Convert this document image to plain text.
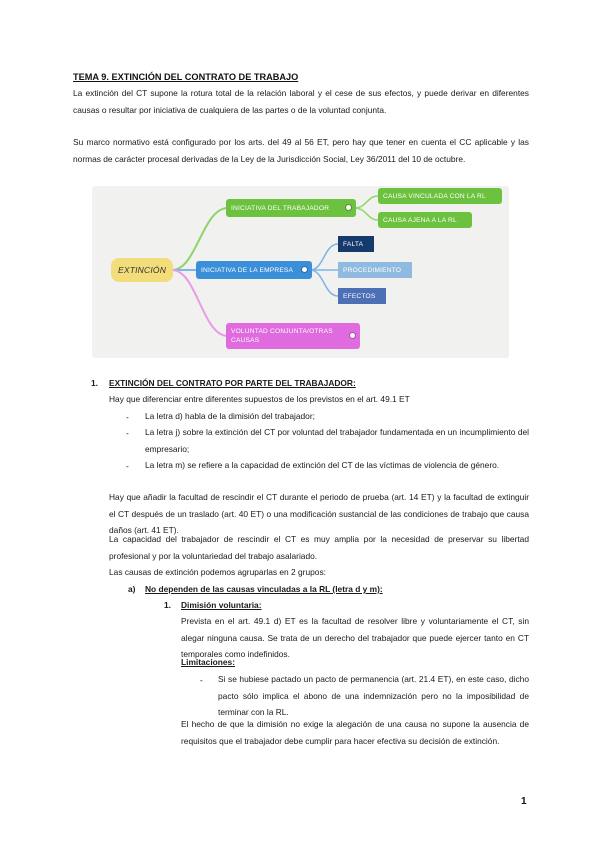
TEMA 9. EXTINCIÓN DEL CONTRATO DE TRABAJO
La extinción del CT supone la rotura total de la relación laboral y el cese de sus efectos, y puede derivar en diferentes causas o resultar por iniciativa de cualquiera de las partes o de la voluntad conjunta.
Su marco normativo está configurado por los arts. del 49 al 56 ET, pero hay que tener en cuenta el CC aplicable y las normas de carácter procesal derivadas de la Ley de la Jurisdicción Social, Ley 36/2011 del 10 de octubre.
EXTINCIÓN
INICIATIVA DEL TRABAJADOR
CAUSA VINCULADA CON LA RL
CAUSA AJENA A LA RL
INICIATIVA DE LA EMPRESA
FALTA
PROCEDIMIENTO
EFECTOS
VOLUNTAD CONJUNTA/OTRAS CAUSAS
1. EXTINCIÓN DEL CONTRATO POR PARTE DEL TRABAJADOR:
Hay que diferenciar entre diferentes supuestos de los previstos en el art. 49.1 ET
- La letra d) habla de la dimisión del trabajador;
- La letra j) sobre la extinción del CT por voluntad del trabajador fundamentada en un incumplimiento del empresario;
- La letra m) se refiere a la capacidad de extinción del CT de las víctimas de violencia de género.
Hay que añadir la facultad de rescindir el CT durante el periodo de prueba (art. 14 ET) y la facultad de extinguir el CT después de un traslado (art. 40 ET) o una modificación sustancial de las condiciones de trabajo que causa daños (art. 41 ET).
La capacidad del trabajador de rescindir el CT es muy amplia por la necesidad de preservar su libertad profesional y por la voluntariedad del trabajo asalariado.
Las causas de extinción podemos agruparlas en 2 grupos:
a) No dependen de las causas vinculadas a la RL (letra d y m):
1. Dimisión voluntaria:
Prevista en el art. 49.1 d) ET es la facultad de resolver libre y voluntariamente el CT, sin alegar ninguna causa. Se trata de un derecho del trabajador que puede ejercer tanto en CT temporales como indefinidos.
Limitaciones:
- Si se hubiese pactado un pacto de permanencia (art. 21.4 ET), en este caso, dicho pacto sólo implica el abono de una indemnización pero no la imposibilidad de terminar con la RL.
El hecho de que la dimisión no exige la alegación de una causa no supone la ausencia de requisitos que el trabajador debe cumplir para hacer efectiva su decisión de extinción.
1
